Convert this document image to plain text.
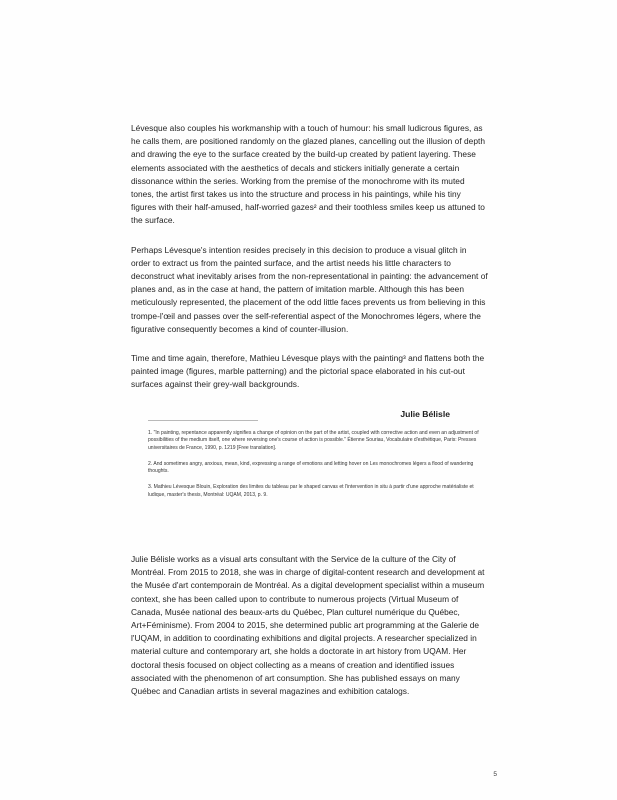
Lévesque also couples his workmanship with a touch of humour: his small ludicrous figures, as he calls them, are positioned randomly on the glazed planes, cancelling out the illusion of depth and drawing the eye to the surface created by the build-up created by patient layering. These elements associated with the aesthetics of decals and stickers initially generate a certain dissonance within the series. Working from the premise of the monochrome with its muted tones, the artist first takes us into the structure and process in his paintings, while his tiny figures with their half-amused, half-worried gazes² and their toothless smiles keep us attuned to the surface.

Perhaps Lévesque's intention resides precisely in this decision to produce a visual glitch in order to extract us from the painted surface, and the artist needs his little characters to deconstruct what inevitably arises from the non-representational in painting: the advancement of planes and, as in the case at hand, the pattern of imitation marble. Although this has been meticulously represented, the placement of the odd little faces prevents us from believing in this trompe-l'œil and passes over the self-referential aspect of the Monochromes légers, where the figurative consequently becomes a kind of counter-illusion.

Time and time again, therefore, Mathieu Lévesque plays with the painting³ and flattens both the painted image (figures, marble patterning) and the pictorial space elaborated in his cut-out surfaces against their grey-wall backgrounds.

Julie Bélisle

1. "In painting, repentance apparently signifies a change of opinion on the part of the artist, coupled with corrective action and even an adjustment of possibilities of the medium itself, one where reversing one's course of action is possible." Étienne Souriau, Vocabulaire d'esthétique, Paris: Presses universitaires de France, 1990, p. 1219 [Free translation].

2. And sometimes angry, anxious, mean, kind, expressing a range of emotions and letting hover on Les monochromes légers a flood of wandering thoughts.

3. Mathieu Lévesque Blouin, Exploration des limites du tableau par le shaped canvas et l'intervention in situ à partir d'une approche matérialiste et ludique, master's thesis, Montréal: UQAM, 2013, p. 9.

Julie Bélisle works as a visual arts consultant with the Service de la culture of the City of Montréal. From 2015 to 2018, she was in charge of digital-content research and development at the Musée d'art contemporain de Montréal. As a digital development specialist within a museum context, she has been called upon to contribute to numerous projects (Virtual Museum of Canada, Musée national des beaux-arts du Québec, Plan culturel numérique du Québec, Art+Féminisme). From 2004 to 2015, she determined public art programming at the Galerie de l'UQAM, in addition to coordinating exhibitions and digital projects. A researcher specialized in material culture and contemporary art, she holds a doctorate in art history from UQAM. Her doctoral thesis focused on object collecting as a means of creation and identified issues associated with the phenomenon of art consumption. She has published essays on many Québec and Canadian artists in several magazines and exhibition catalogs.

5
